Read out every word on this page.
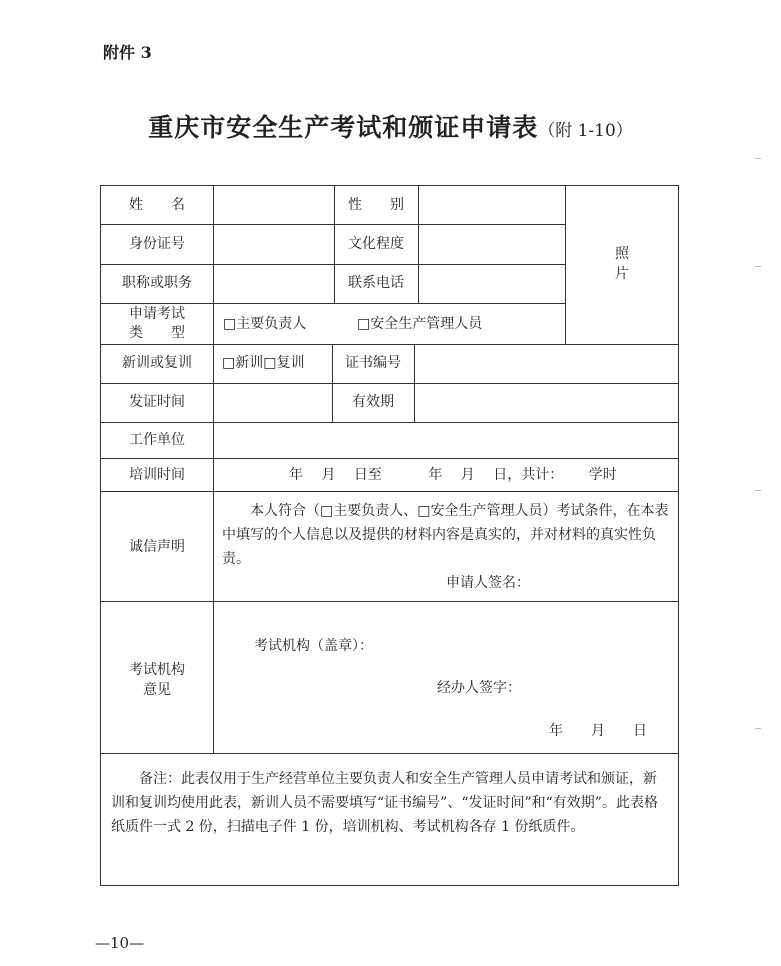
附件 3
重庆市安全生产考试和颁证申请表（附 1-10）
姓　　名	性　　别
身份证号	文化程度
职称或职务	联系电话
照
片
申请考试
类　　型
□主要负责人	□安全生产管理人员
新训或复训	□新训□复训	证书编号
发证时间	有效期
工作单位
培训时间	年　 月　 日至　　　 年　 月　 日，共计：　　 学时
诚信声明
本人符合（□主要负责人、□安全生产管理人员）考试条件，在本表中填写的个人信息以及提供的材料内容是真实的，并对材料的真实性负责。
申请人签名：
考试机构
意见
考试机构（盖章）：
经办人签字：
年　　月　　日
备注：此表仅用于生产经营单位主要负责人和安全生产管理人员申请考试和颁证，新训和复训均使用此表，新训人员不需要填写“证书编号”、“发证时间”和“有效期”。此表格纸质件一式 2 份，扫描电子件 1 份，培训机构、考试机构各存 1 份纸质件。
—10—
